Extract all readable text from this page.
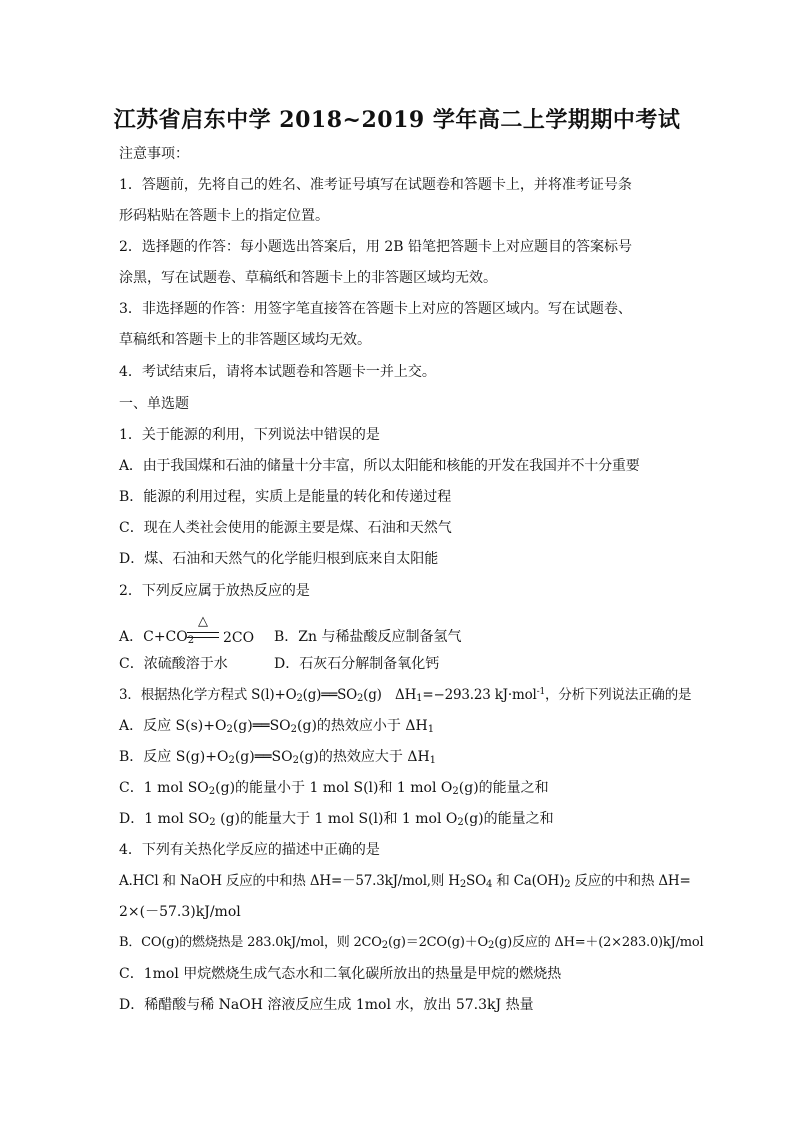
江苏省启东中学 2018~2019 学年高二上学期期中考试
注意事项：
1．答题前，先将自己的姓名、准考证号填写在试题卷和答题卡上，并将准考证号条
形码粘贴在答题卡上的指定位置。
2．选择题的作答：每小题选出答案后，用 2B 铅笔把答题卡上对应题目的答案标号
涂黑，写在试题卷、草稿纸和答题卡上的非答题区域均无效。
3．非选择题的作答：用签字笔直接答在答题卡上对应的答题区域内。写在试题卷、
草稿纸和答题卡上的非答题区域均无效。
4．考试结束后，请将本试题卷和答题卡一并上交。
一、单选题
1．关于能源的利用，下列说法中错误的是
A．由于我国煤和石油的储量十分丰富，所以太阳能和核能的开发在我国并不十分重要
B．能源的利用过程，实质上是能量的转化和传递过程
C．现在人类社会使用的能源主要是煤、石油和天然气
D．煤、石油和天然气的化学能归根到底来自太阳能
2．下列反应属于放热反应的是
A．$C+CO_2$
△
2CO B．Zn 与稀盐酸反应制备氢气
C．浓硫酸溶于水	D．石灰石分解制备氧化钙
3．根据热化学方程式 $S(l)+O_2(g)══SO_2(g)$　$\Delta H_1=-293.23$ kJ·mol$^{-1}$，分析下列说法正确的是
A．反应 $S(s)+O_2(g)══SO_2(g)$的热效应小于 $\Delta H_1$
B．反应 $S(g)+O_2(g)══SO_2(g)$的热效应大于 $\Delta H_1$
C．1 mol $SO_2(g)$的能量小于 1 mol S(l)和 1 mol $O_2(g)$的能量之和
D．1 mol $SO_2$ (g)的能量大于 1 mol S(l)和 1 mol $O_2(g)$的能量之和
4．下列有关热化学反应的描述中正确的是
A.HCl 和 NaOH 反应的中和热 ΔH=－57.3kJ/mol,则 $H_2SO_4$ 和 $Ca(OH)_2$ 反应的中和热 ΔH=
2×(－57.3)kJ/mol
B．CO(g)的燃烧热是 283.0kJ/mol，则 $2CO_2(g)=2CO(g)+O_2(g)$反应的 ΔH=＋(2×283.0)kJ/mol
C．1mol 甲烷燃烧生成气态水和二氧化碳所放出的热量是甲烷的燃烧热
D．稀醋酸与稀 NaOH 溶液反应生成 1mol 水，放出 57.3kJ 热量
